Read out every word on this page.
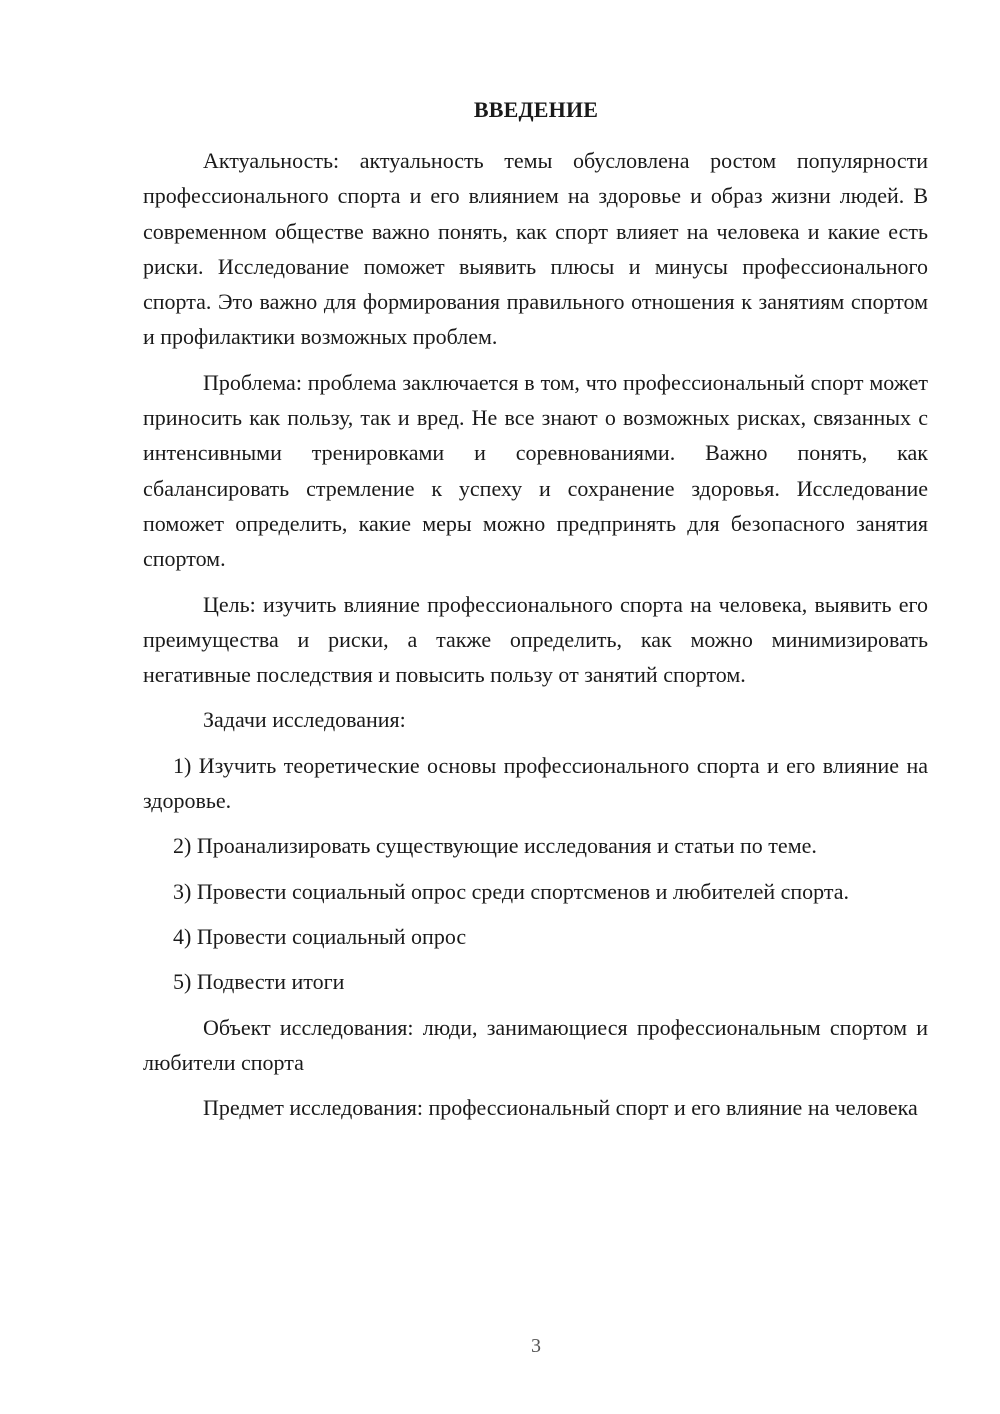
ВВЕДЕНИЕ

Актуальность: актуальность темы обусловлена ростом популярности профессионального спорта и его влиянием на здоровье и образ жизни людей. В современном обществе важно понять, как спорт влияет на человека и какие есть риски. Исследование поможет выявить плюсы и минусы профессионального спорта. Это важно для формирования правильного отношения к занятиям спортом и профилактики возможных проблем.

Проблема: проблема заключается в том, что профессиональный спорт может приносить как пользу, так и вред. Не все знают о возможных рисках, связанных с интенсивными тренировками и соревнованиями. Важно понять, как сбалансировать стремление к успеху и сохранение здоровья. Исследование поможет определить, какие меры можно предпринять для безопасного занятия спортом.

Цель: изучить влияние профессионального спорта на человека, выявить его преимущества и риски, а также определить, как можно минимизировать негативные последствия и повысить пользу от занятий спортом.

Задачи исследования:

1) Изучить теоретические основы профессионального спорта и его влияние на здоровье.

2) Проанализировать существующие исследования и статьи по теме.

3) Провести социальный опрос среди спортсменов и любителей спорта.

4) Провести социальный опрос

5) Подвести итоги

Объект исследования: люди, занимающиеся профессиональным спортом и любители спорта

Предмет исследования: профессиональный спорт и его влияние на человека

3
